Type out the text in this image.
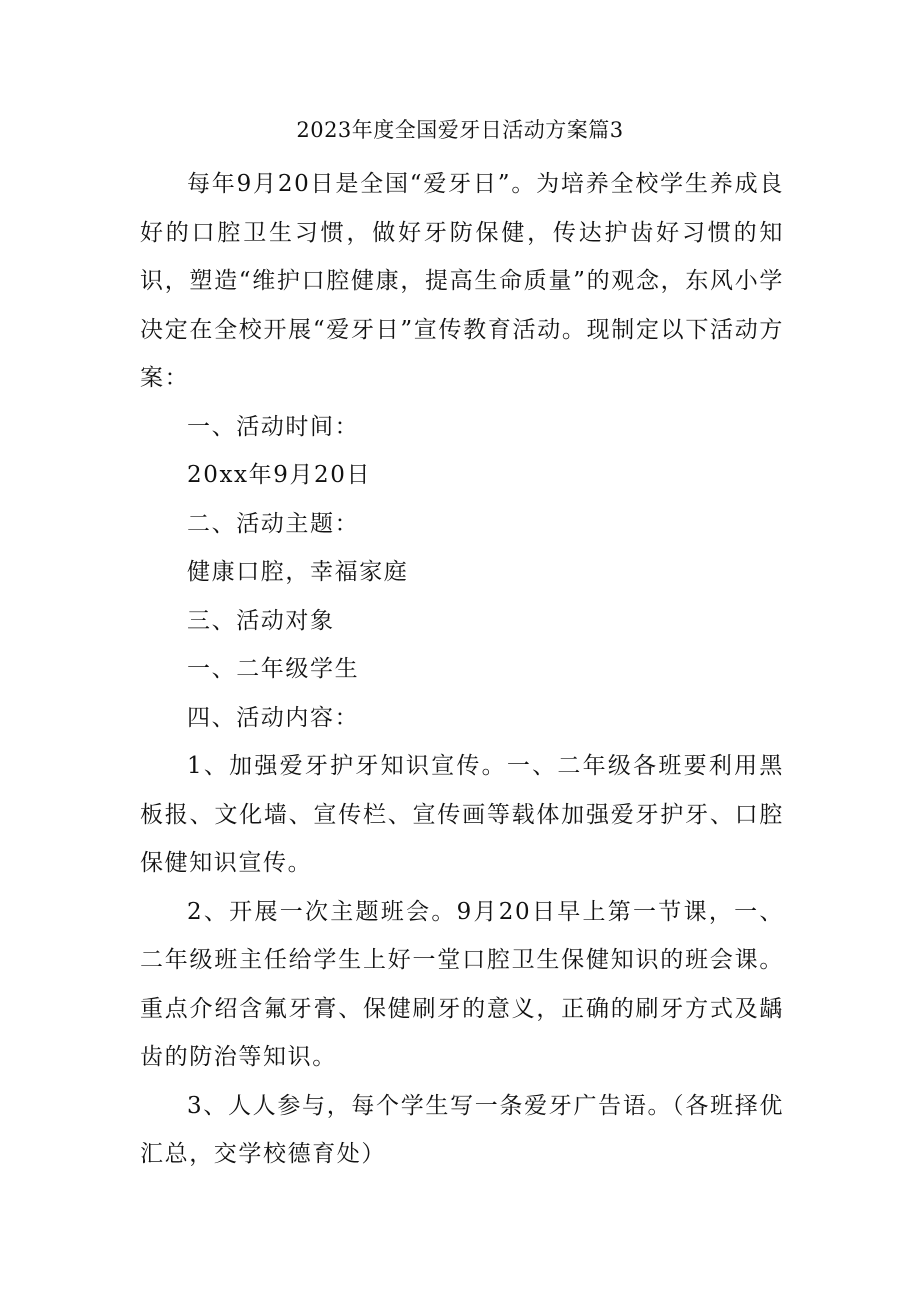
2023年度全国爱牙日活动方案篇3

每年9月20日是全国“爱牙日”。为培养全校学生养成良好的口腔卫生习惯，做好牙防保健，传达护齿好习惯的知识，塑造“维护口腔健康，提高生命质量”的观念，东风小学决定在全校开展“爱牙日”宣传教育活动。现制定以下活动方案：

一、活动时间：

20xx年9月20日

二、活动主题：

健康口腔，幸福家庭

三、活动对象

一、二年级学生

四、活动内容：

1、加强爱牙护牙知识宣传。一、二年级各班要利用黑板报、文化墙、宣传栏、宣传画等载体加强爱牙护牙、口腔保健知识宣传。

2、开展一次主题班会。9月20日早上第一节课，一、二年级班主任给学生上好一堂口腔卫生保健知识的班会课。重点介绍含氟牙膏、保健刷牙的意义，正确的刷牙方式及龋齿的防治等知识。

3、人人参与，每个学生写一条爱牙广告语。（各班择优汇总，交学校德育处）
